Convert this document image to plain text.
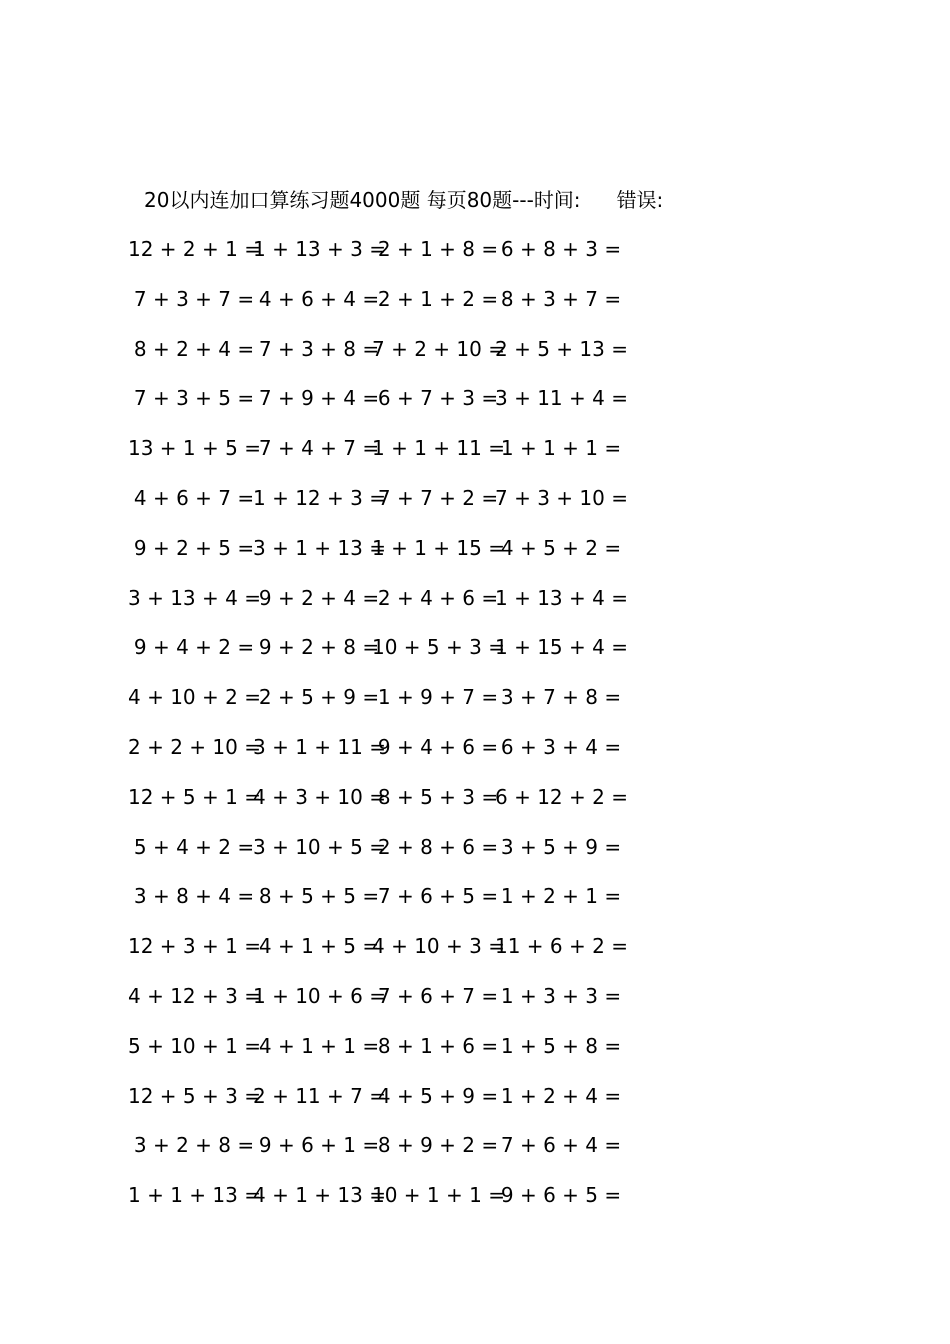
20以内连加口算练习题4000题 每页80题---时间: 错误:
12 + 2 + 1 =
1 + 13 + 3 =
2 + 1 + 8 = 6 + 8 + 3 =
7 + 3 + 7 = 4 + 6 + 4 =
2 + 1 + 2 = 8 + 3 + 7 =
8 + 2 + 4 = 7 + 3 + 8 =
7 + 2 + 10 =
2 + 5 + 13 =
7 + 3 + 5 = 7 + 9 + 4 =
6 + 7 + 3 =
3 + 11 + 4 =
13 + 1 + 5 =
7 + 4 + 7 =
1 + 1 + 11 =
1 + 1 + 1 =
4 + 6 + 7 =
1 + 12 + 3 =
7 + 7 + 2 =
7 + 3 + 10 =
9 + 2 + 5 =
3 + 1 + 13 =
1 + 1 + 15 =
4 + 5 + 2 =
3 + 13 + 4 =
9 + 2 + 4 =
2 + 4 + 6 =
1 + 13 + 4 =
9 + 4 + 2 = 9 + 2 + 8 =
10 + 5 + 3 =
1 + 15 + 4 =
4 + 10 + 2 =
2 + 5 + 9 =
1 + 9 + 7 = 3 + 7 + 8 =
2 + 2 + 10 =
3 + 1 + 11 =
9 + 4 + 6 = 6 + 3 + 4 =
12 + 5 + 1 =
4 + 3 + 10 =
8 + 5 + 3 =
6 + 12 + 2 =
5 + 4 + 2 =
3 + 10 + 5 =
2 + 8 + 6 = 3 + 5 + 9 =
3 + 8 + 4 = 8 + 5 + 5 =
7 + 6 + 5 = 1 + 2 + 1 =
12 + 3 + 1 =
4 + 1 + 5 =
4 + 10 + 3 =
11 + 6 + 2 =
4 + 12 + 3 =
1 + 10 + 6 =
7 + 6 + 7 = 1 + 3 + 3 =
5 + 10 + 1 =
4 + 1 + 1 =
8 + 1 + 6 = 1 + 5 + 8 =
12 + 5 + 3 =
2 + 11 + 7 =
4 + 5 + 9 = 1 + 2 + 4 =
3 + 2 + 8 = 9 + 6 + 1 =
8 + 9 + 2 = 7 + 6 + 4 =
1 + 1 + 13 =
4 + 1 + 13 =
10 + 1 + 1 =
9 + 6 + 5 =
